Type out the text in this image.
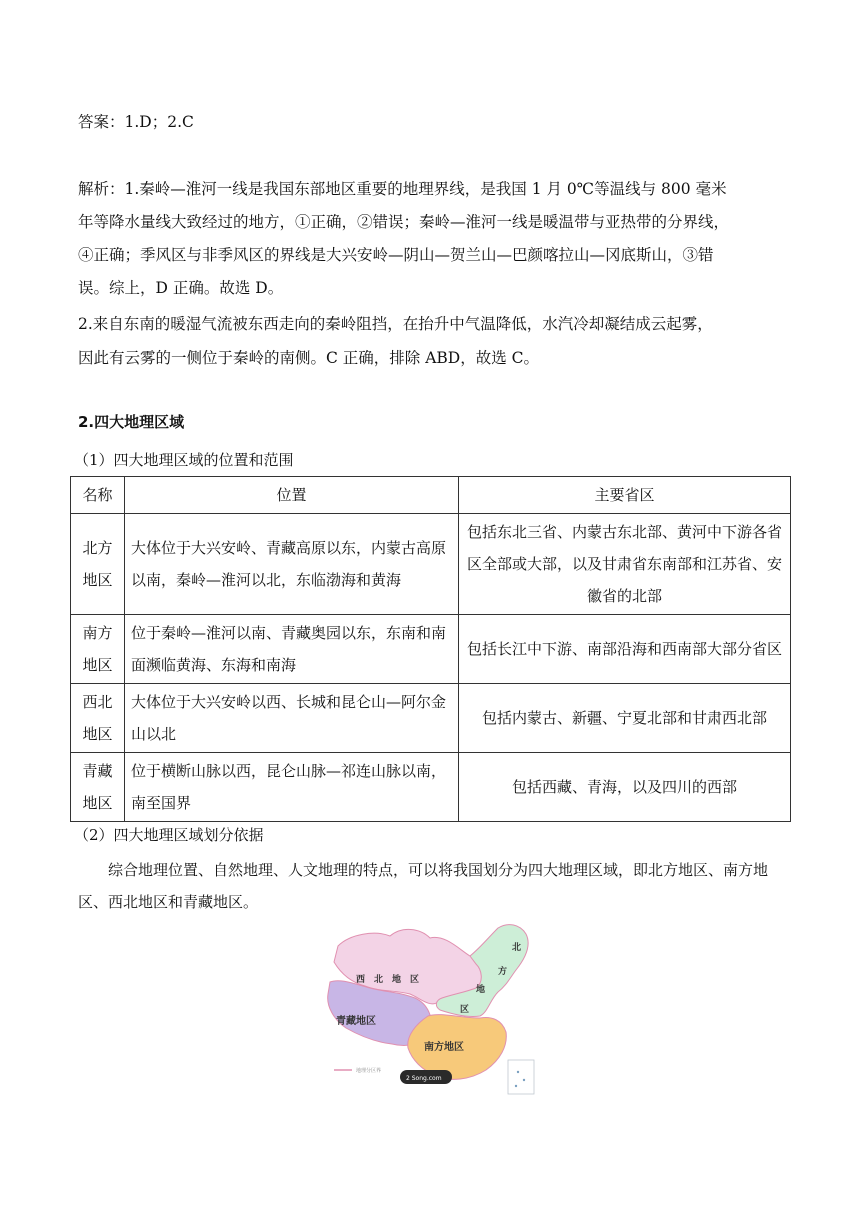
答案：1.D；2.C
解析：1.秦岭—淮河一线是我国东部地区重要的地理界线，是我国 1 月 0℃等温线与 800 毫米
年等降水量线大致经过的地方，①正确，②错误；秦岭—淮河一线是暖温带与亚热带的分界线，
④正确；季风区与非季风区的界线是大兴安岭—阴山—贺兰山—巴颜喀拉山—冈底斯山，③错
误。综上，D 正确。故选 D。
2.来自东南的暖湿气流被东西走向的秦岭阻挡，在抬升中气温降低，水汽冷却凝结成云起雾，
因此有云雾的一侧位于秦岭的南侧。C 正确，排除 ABD，故选 C。
2.四大地理区域
（1）四大地理区域的位置和范围
名称	位置	主要省区
北方地区	大体位于大兴安岭、青藏高原以东，内蒙古高原以南，秦岭—淮河以北，东临渤海和黄海	包括东北三省、内蒙古东北部、黄河中下游各省区全部或大部，以及甘肃省东南部和江苏省、安徽省的北部
南方地区	位于秦岭—淮河以南、青藏奥园以东，东南和南面濒临黄海、东海和南海	包括长江中下游、南部沿海和西南部大部分省区
西北地区	大体位于大兴安岭以西、长城和昆仑山—阿尔金山以北	包括内蒙古、新疆、宁夏北部和甘肃西北部
青藏地区	位于横断山脉以西，昆仑山脉—祁连山脉以南，南至国界	包括西藏、青海，以及四川的西部
（2）四大地理区域划分依据
综合地理位置、自然地理、人文地理的特点，可以将我国划分为四大地理区域，即北方地区、南方地区、西北地区和青藏地区。
西　北　地　区
青藏地区
北
方
地
区
南方地区
地理分区界
2 Song.com
